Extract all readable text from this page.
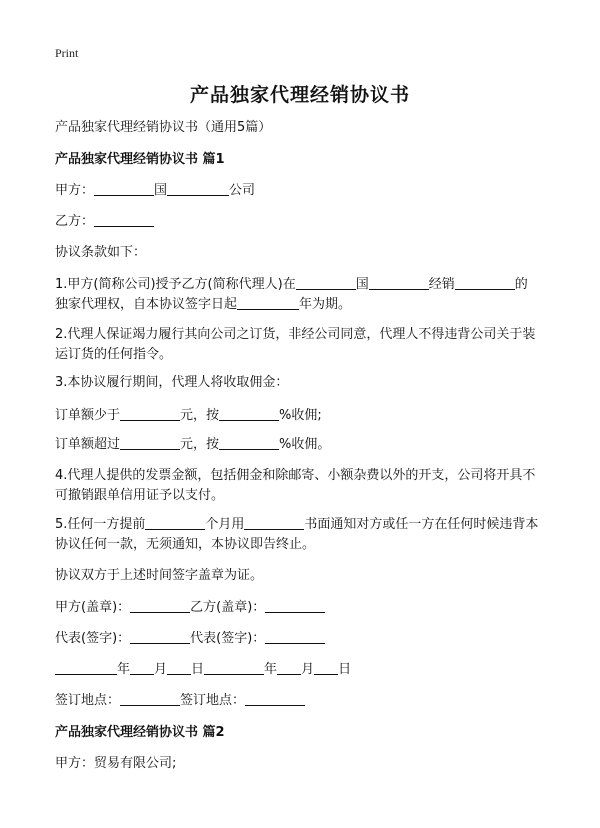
Print
产品独家代理经销协议书
产品独家代理经销协议书（通用5篇）
产品独家代理经销协议书 篇1
甲方：	国	公司
乙方：
协议条款如下：
1.甲方(简称公司)授予乙方(简称代理人)在	国	经销	的
独家代理权，自本协议签字日起	年为期。
2.代理人保证竭力履行其向公司之订货，非经公司同意，代理人不得违背公司关于装运订货的任何指令。
3.本协议履行期间，代理人将收取佣金：
订单额少于	元，按	%收佣;
订单额超过	元，按	%收佣。
4.代理人提供的发票金额，包括佣金和除邮寄、小额杂费以外的开支，公司将开具不可撤销跟单信用证予以支付。
5.任何一方提前	个月用	书面通知对方或任一方在任何时候违背本协议任何一款，无须通知，本协议即告终止。
协议双方于上述时间签字盖章为证。
甲方(盖章)：	乙方(盖章)：
代表(签字)：	代表(签字)：
年 月 日	年 月 日
签订地点：	签订地点：
产品独家代理经销协议书 篇2
甲方：贸易有限公司;
